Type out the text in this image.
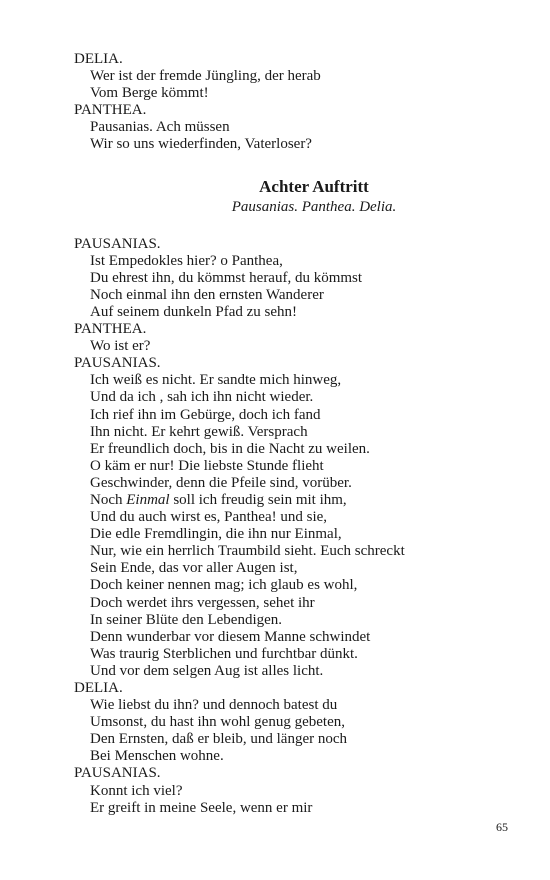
DELIA.

Wer ist der fremde Jüngling, der herab

Vom Berge kömmt!

PANTHEA.

Pausanias. Ach müssen

Wir so uns wiederfinden, Vaterloser?

Achter Auftritt

Pausanias. Panthea. Delia.

PAUSANIAS.

Ist Empedokles hier? o Panthea,

Du ehrest ihn, du kömmst herauf, du kömmst

Noch einmal ihn den ernsten Wanderer

Auf seinem dunkeln Pfad zu sehn!

PANTHEA.

Wo ist er?

PAUSANIAS.

Ich weiß es nicht. Er sandte mich hinweg,

Und da ich , sah ich ihn nicht wieder.

Ich rief ihn im Gebürge, doch ich fand

Ihn nicht. Er kehrt gewiß. Versprach

Er freundlich doch, bis in die Nacht zu weilen.

O käm er nur! Die liebste Stunde flieht

Geschwinder, denn die Pfeile sind, vorüber.

Noch Einmal soll ich freudig sein mit ihm,

Und du auch wirst es, Panthea! und sie,

Die edle Fremdlingin, die ihn nur Einmal,

Nur, wie ein herrlich Traumbild sieht. Euch schreckt

Sein Ende, das vor aller Augen ist,

Doch keiner nennen mag; ich glaub es wohl,

Doch werdet ihrs vergessen, sehet ihr

In seiner Blüte den Lebendigen.

Denn wunderbar vor diesem Manne schwindet

Was traurig Sterblichen und furchtbar dünkt.

Und vor dem selgen Aug ist alles licht.

DELIA.

Wie liebst du ihn? und dennoch batest du

Umsonst, du hast ihn wohl genug gebeten,

Den Ernsten, daß er bleib, und länger noch

Bei Menschen wohne.

PAUSANIAS.

Konnt ich viel?

Er greift in meine Seele, wenn er mir

65
